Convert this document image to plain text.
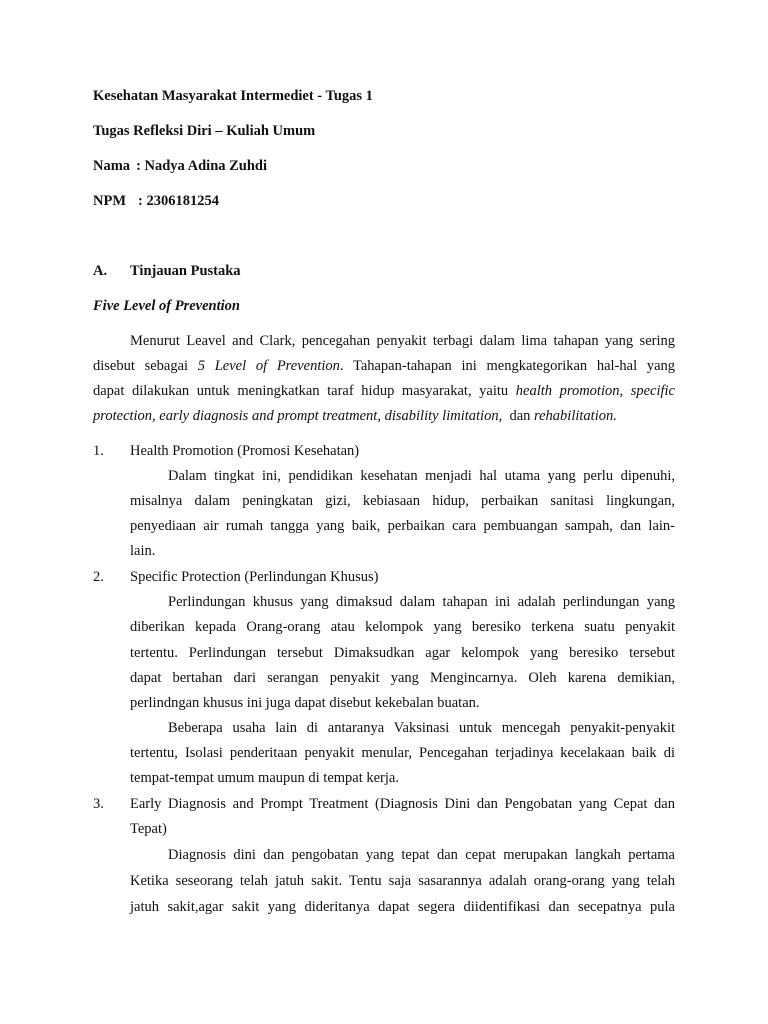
Kesehatan Masyarakat Intermediet - Tugas 1
Tugas Refleksi Diri – Kuliah Umum
Nama : Nadya Adina Zuhdi
NPM : 2306181254
A. Tinjauan Pustaka
Five Level of Prevention
Menurut Leavel and Clark, pencegahan penyakit terbagi dalam lima tahapan yang sering
disebut sebagai 5 Level of Prevention. Tahapan-tahapan ini mengkategorikan hal-hal yang
dapat dilakukan untuk meningkatkan taraf hidup masyarakat, yaitu health promotion, specific
protection, early diagnosis and prompt treatment, disability limitation, dan rehabilitation.
1. Health Promotion (Promosi Kesehatan)
Dalam tingkat ini, pendidikan kesehatan menjadi hal utama yang perlu dipenuhi,
misalnya dalam peningkatan gizi, kebiasaan hidup, perbaikan sanitasi lingkungan,
penyediaan air rumah tangga yang baik, perbaikan cara pembuangan sampah, dan lain-
lain.
2. Specific Protection (Perlindungan Khusus)
Perlindungan khusus yang dimaksud dalam tahapan ini adalah perlindungan yang
diberikan kepada Orang-orang atau kelompok yang beresiko terkena suatu penyakit
tertentu. Perlindungan tersebut Dimaksudkan agar kelompok yang beresiko tersebut
dapat bertahan dari serangan penyakit yang Mengincarnya. Oleh karena demikian,
perlindngan khusus ini juga dapat disebut kekebalan buatan.
Beberapa usaha lain di antaranya Vaksinasi untuk mencegah penyakit-penyakit
tertentu, Isolasi penderitaan penyakit menular, Pencegahan terjadinya kecelakaan baik di
tempat-tempat umum maupun di tempat kerja.
3. Early Diagnosis and Prompt Treatment (Diagnosis Dini dan Pengobatan yang Cepat dan
Tepat)
Diagnosis dini dan pengobatan yang tepat dan cepat merupakan langkah pertama
Ketika seseorang telah jatuh sakit. Tentu saja sasarannya adalah orang-orang yang telah
jatuh sakit,agar sakit yang dideritanya dapat segera diidentifikasi dan secepatnya pula
